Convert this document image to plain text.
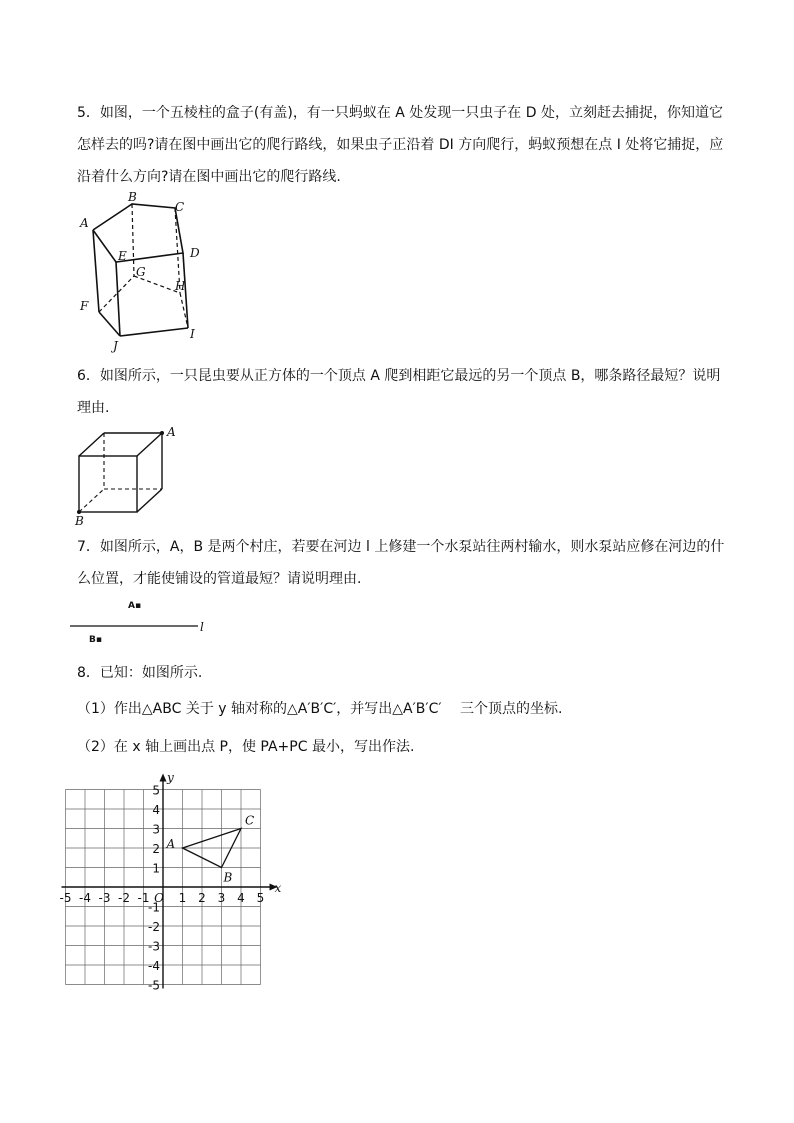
5．如图，一个五棱柱的盒子(有盖)，有一只蚂蚁在 A 处发现一只虫子在 D 处，立刻赶去捕捉，你知道它怎样去的吗?请在图中画出它的爬行路线，如果虫子正沿着 DI 方向爬行，蚂蚁预想在点 I 处将它捕捉，应沿着什么方向?请在图中画出它的爬行路线.

A
B
C
D
E
F
G
H
I
J

6．如图所示，一只昆虫要从正方体的一个顶点 A 爬到相距它最远的另一个顶点 B，哪条路径最短？说明理由.

A
B

7．如图所示，A，B 是两个村庄，若要在河边 l 上修建一个水泵站往两村输水，则水泵站应修在河边的什么位置，才能使铺设的管道最短？请说明理由.

A▪
B▪
l

8．已知：如图所示.

（1）作出△ABC 关于 y 轴对称的△A′B′C′，并写出△A′B′C′　 三个顶点的坐标.

（2）在 x 轴上画出点 P，使 PA+PC 最小，写出作法.

x
y
O
-5 -4 -3 -2 -1 1 2 3 4 5
5
4
3
2
1
-1
-2
-3
-4
-5
A
B
C
